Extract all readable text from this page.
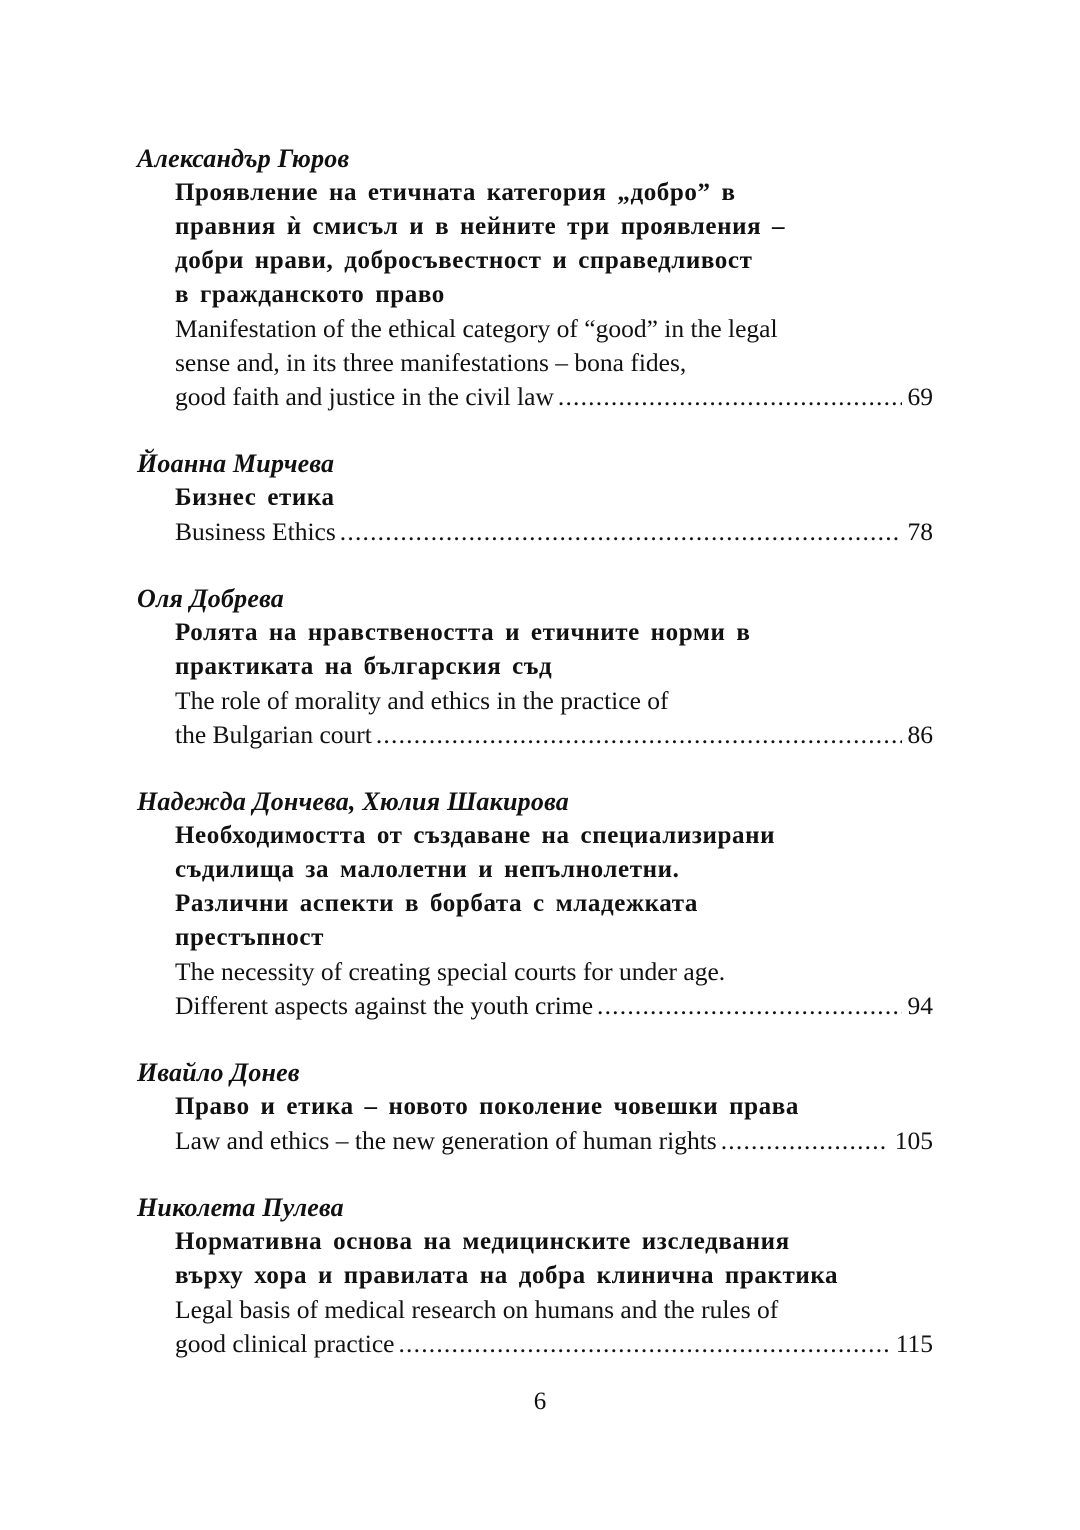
Александър Гюров
Проявление на етичната категория „добро” в
правния ѝ смисъл и в нейните три проявления –
добри нрави, добросъвестност и справедливост
в гражданското право
Manifestation of the ethical category of “good” in the legal
sense and, in its three manifestations – bona fides,
good faith and justice in the civil law .....	69
Йоанна Мирчева
Бизнес етика
Business Ethics .....	78
Оля Добрева
Ролята на нравствеността и етичните норми в
практиката на българския съд
The role of morality and ethics in the practice of
the Bulgarian court .....	86
Надежда Дончева, Хюлия Шакирова
Необходимостта от създаване на специализирани
съдилища за малолетни и непълнолетни.
Различни аспекти в борбата с младежката
престъпност
The necessity of creating special courts for under age.
Different aspects against the youth crime .....	94
Ивайло Донев
Право и етика – новото поколение човешки права
Law and ethics – the new generation of human rights .....	105
Николета Пулева
Нормативна основа на медицинските изследвания
върху хора и правилата на добра клинична практика
Legal basis of medical research on humans and the rules of
good clinical practice .....	115
6
